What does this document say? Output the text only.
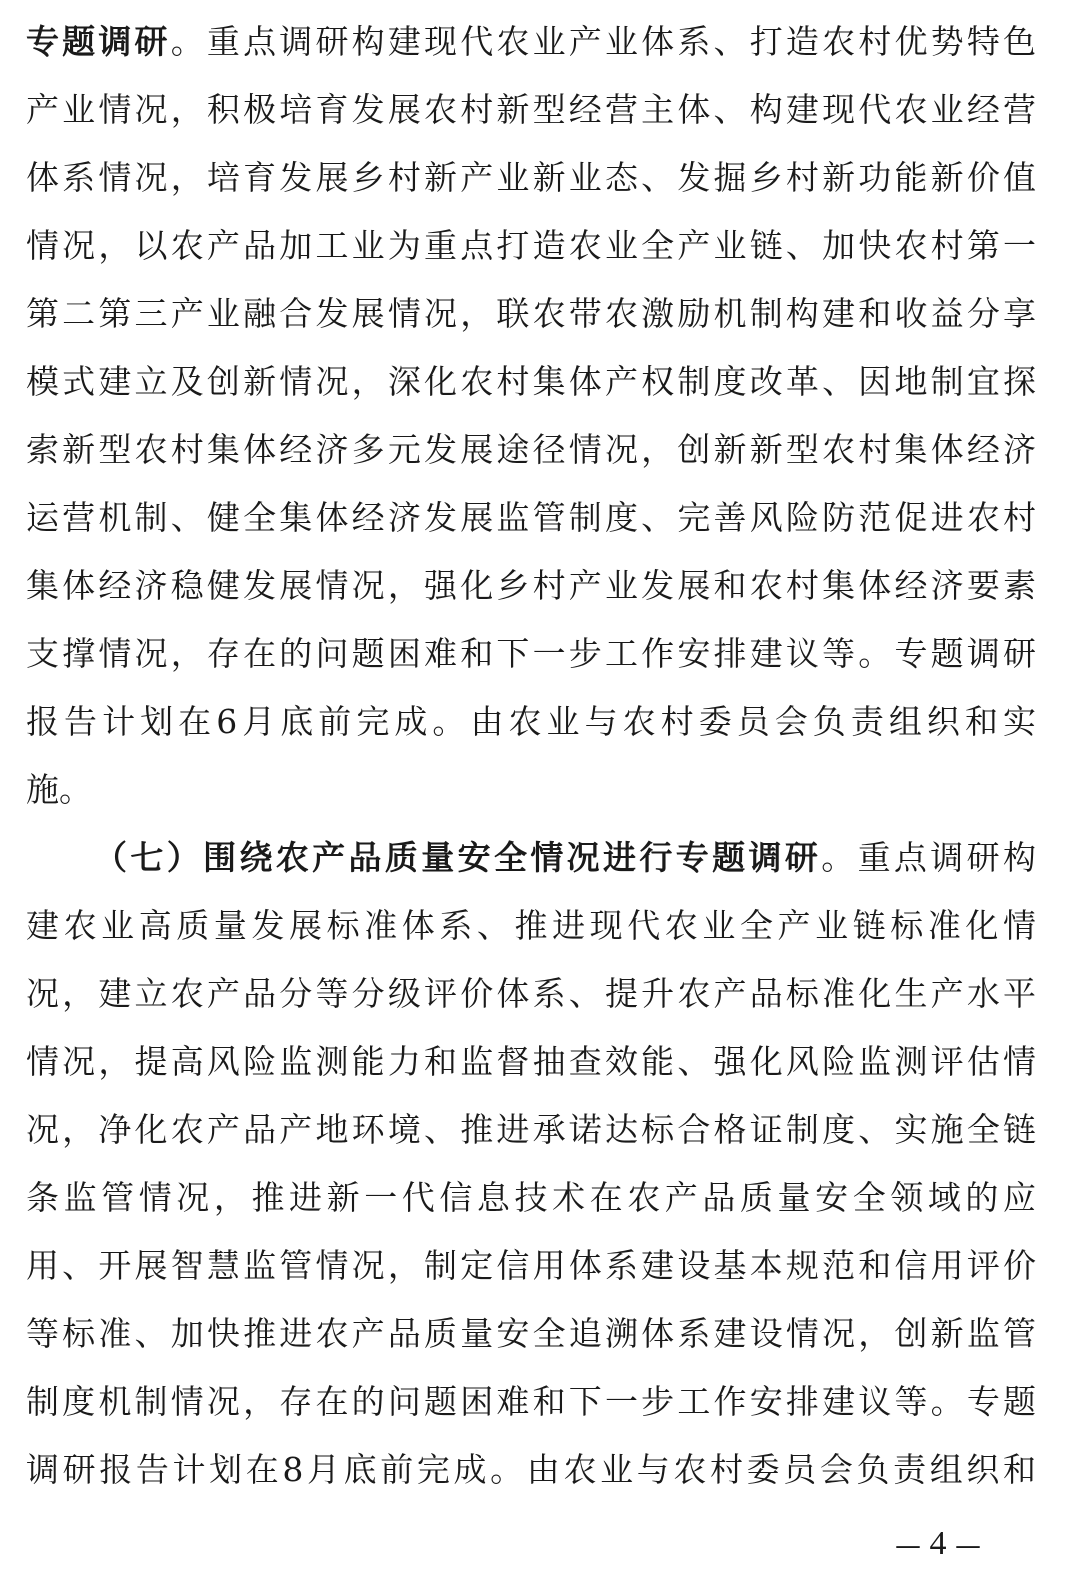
专题调研。重点调研构建现代农业产业体系、打造农村优势特色
产业情况，积极培育发展农村新型经营主体、构建现代农业经营
体系情况，培育发展乡村新产业新业态、发掘乡村新功能新价值
情况，以农产品加工业为重点打造农业全产业链、加快农村第一
第二第三产业融合发展情况，联农带农激励机制构建和收益分享
模式建立及创新情况，深化农村集体产权制度改革、因地制宜探
索新型农村集体经济多元发展途径情况，创新新型农村集体经济
运营机制、健全集体经济发展监管制度、完善风险防范促进农村
集体经济稳健发展情况，强化乡村产业发展和农村集体经济要素
支撑情况，存在的问题困难和下一步工作安排建议等。专题调研
报告计划在6月底前完成。由农业与农村委员会负责组织和实
施。
（七）围绕农产品质量安全情况进行专题调研。重点调研构
建农业高质量发展标准体系、推进现代农业全产业链标准化情
况，建立农产品分等分级评价体系、提升农产品标准化生产水平
情况，提高风险监测能力和监督抽查效能、强化风险监测评估情
况，净化农产品产地环境、推进承诺达标合格证制度、实施全链
条监管情况，推进新一代信息技术在农产品质量安全领域的应
用、开展智慧监管情况，制定信用体系建设基本规范和信用评价
等标准、加快推进农产品质量安全追溯体系建设情况，创新监管
制度机制情况，存在的问题困难和下一步工作安排建议等。专题
调研报告计划在8月底前完成。由农业与农村委员会负责组织和
— 4 —
